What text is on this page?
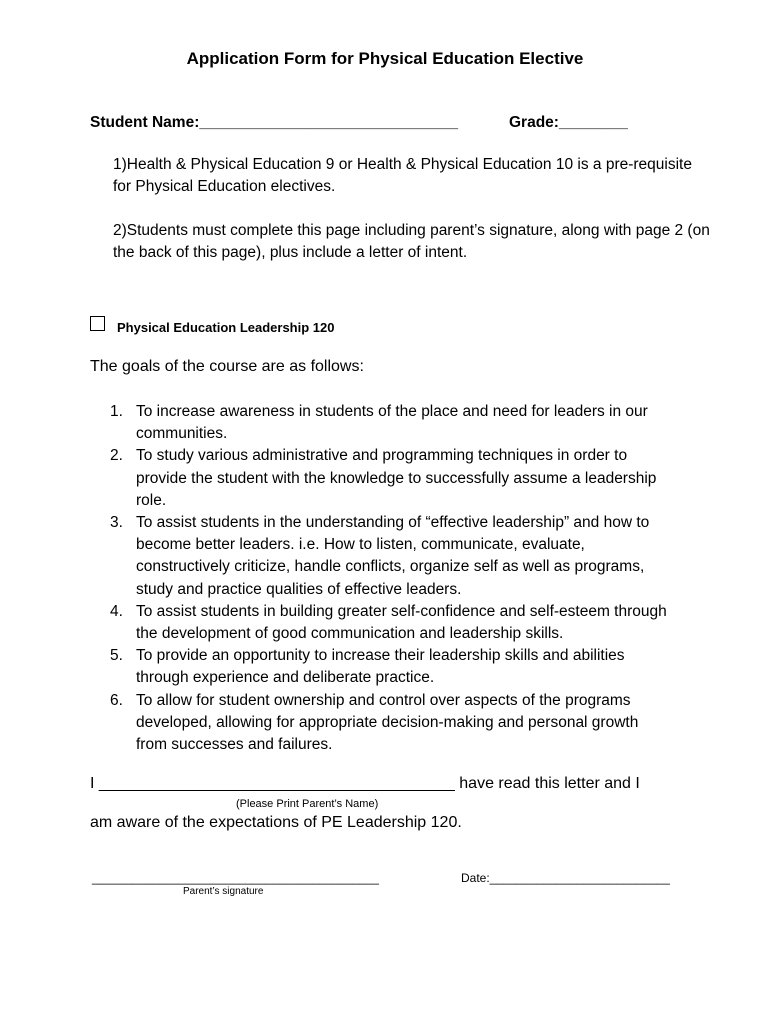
Application Form for Physical Education Elective
Student Name:______________________________	Grade:________
1)Health & Physical Education 9 or Health & Physical Education 10 is a pre-requisite for Physical Education electives.
2)Students must complete this page including parent’s signature, along with page 2 (on the back of this page), plus include a letter of intent.
Physical Education Leadership 120
The goals of the course are as follows:
1. To increase awareness in students of the place and need for leaders in our
communities.
2. To study various administrative and programming techniques in order to
provide the student with the knowledge to successfully assume a leadership
role.
3. To assist students in the understanding of “effective leadership” and how to
become better leaders. i.e. How to listen, communicate, evaluate,
constructively criticize, handle conflicts, organize self as well as programs,
study and practice qualities of effective leaders.
4. To assist students in building greater self-confidence and self-esteem through
the development of good communication and leadership skills.
5. To provide an opportunity to increase their leadership skills and abilities
through experience and deliberate practice.
6. To allow for student ownership and control over aspects of the programs
developed, allowing for appropriate decision-making and personal growth
from successes and failures.
I ________________________________________ have read this letter and I
(Please Print Parent’s Name)
am aware of the expectations of PE Leadership 120.
___________________________________________
Parent’s signature
Date:___________________________
